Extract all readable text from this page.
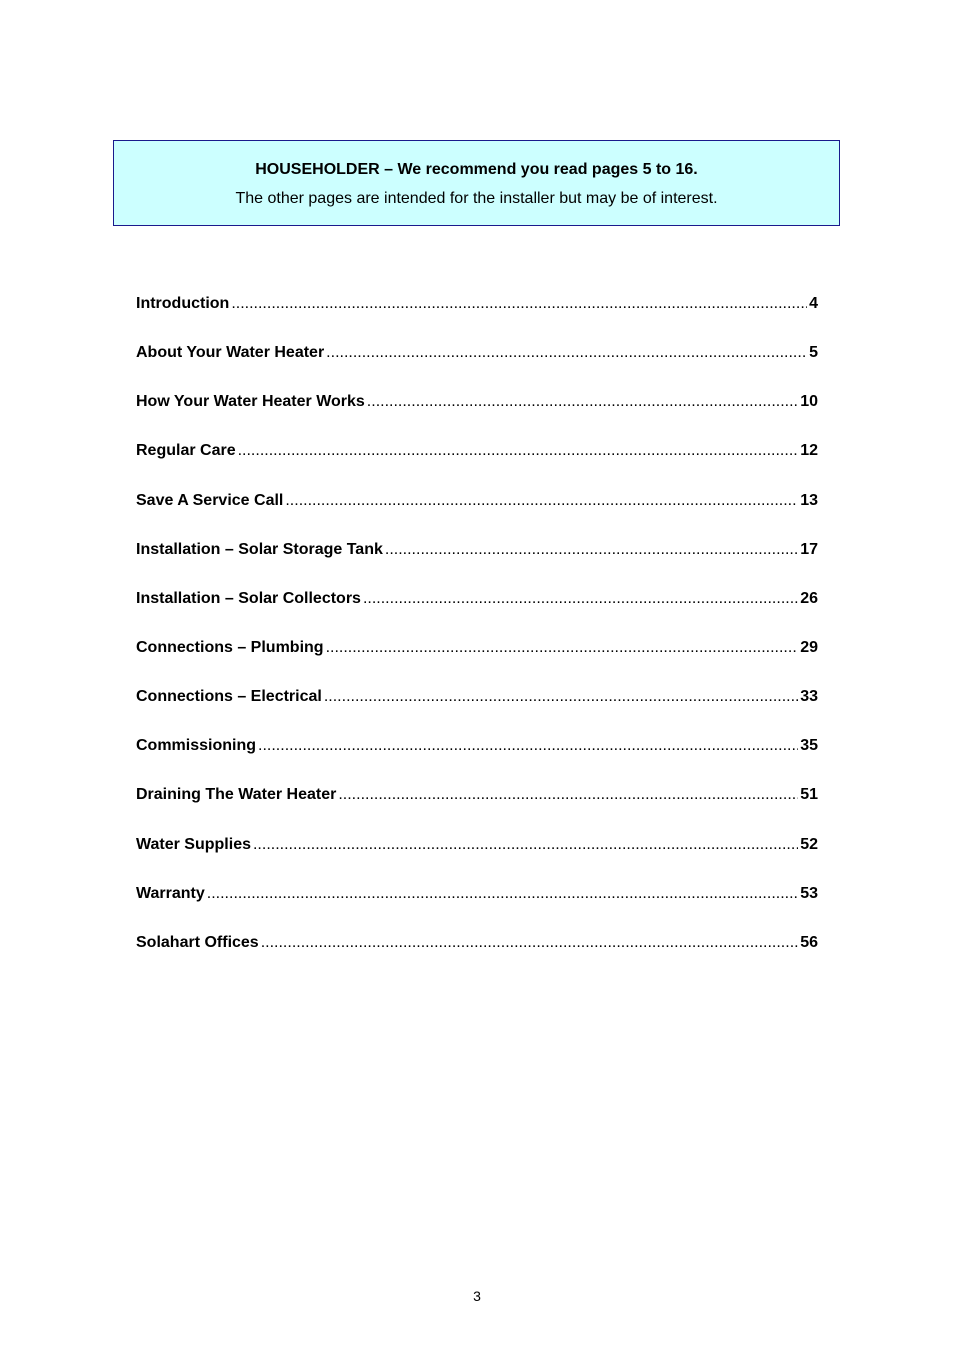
HOUSEHOLDER – We recommend you read pages 5 to 16.
The other pages are intended for the installer but may be of interest.
Introduction .....	4
About Your Water Heater .....	5
How Your Water Heater Works .....	10
Regular Care .....	12
Save A Service Call .....	13
Installation – Solar Storage Tank .....	17
Installation – Solar Collectors .....	26
Connections – Plumbing .....	29
Connections – Electrical .....	33
Commissioning .....	35
Draining The Water Heater .....	51
Water Supplies .....	52
Warranty .....	53
Solahart Offices .....	56
3
